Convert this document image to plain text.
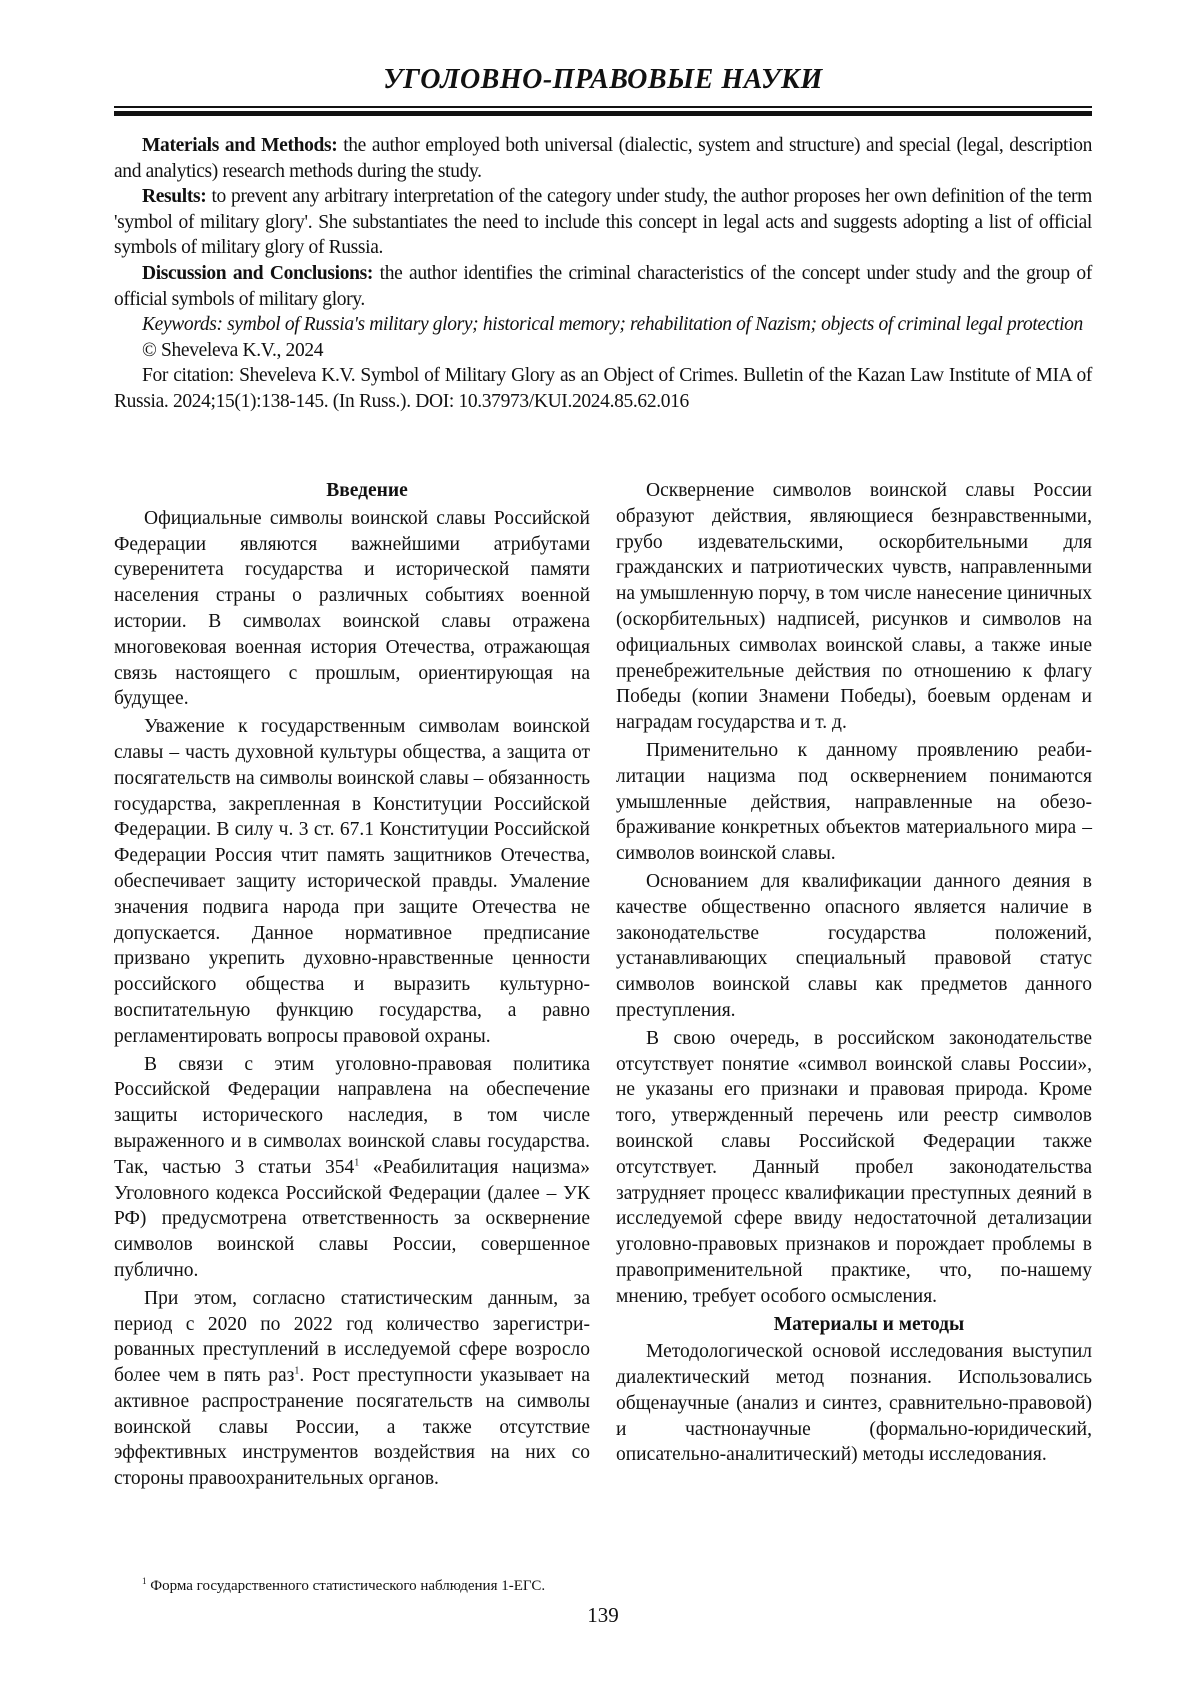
УГОЛОВНО-ПРАВОВЫЕ НАУКИ

Materials and Methods: the author employed both universal (dialectic, system and structure) and special (legal, description and analytics) research methods during the study.

Results: to prevent any arbitrary interpretation of the category under study, the author proposes her own definition of the term 'symbol of military glory'. She substantiates the need to include this concept in legal acts and suggests adopting a list of official symbols of military glory of Russia.

Discussion and Conclusions: the author identifies the criminal characteristics of the concept under study and the group of official symbols of military glory.

Keywords: symbol of Russia's military glory; historical memory; rehabilitation of Nazism; objects of criminal legal protection

© Sheveleva K.V., 2024

For citation: Sheveleva K.V. Symbol of Military Glory as an Object of Crimes. Bulletin of the Kazan Law Institute of MIA of Russia. 2024;15(1):138-145. (In Russ.). DOI: 10.37973/KUI.2024.85.62.016

Введение

Официальные символы воинской славы Российской Федерации являются важнейшими атрибутами суверенитета государства и исторической памяти населения страны о различных событиях военной истории. В символах воинской славы отражена многовековая военная история Отечества, отражающая связь настоящего с прошлым, ориентирующая на будущее.

Уважение к государственным символам воинской славы – часть духовной культуры общества, а защита от посягательств на символы воинской славы – обязанность государства, закрепленная в Конституции Российской Федерации. В силу ч. 3 ст. 67.1 Конституции Российской Федерации Россия чтит память защитников Отечества, обеспечивает защиту исторической правды. Умаление значения подвига народа при защите Отечества не допускается. Данное нормативное предписание призвано укрепить духовно-нравственные ценности российского общества и выразить культурно-воспитательную функцию государства, а равно регламентировать вопросы правовой охраны.

В связи с этим уголовно-правовая политика Российской Федерации направлена на обеспечение защиты исторического наследия, в том числе выраженного и в символах воинской славы государства. Так, частью 3 статьи $354^1$ «Реабилитация нацизма» Уголовного кодекса Российской Федерации (далее – УК РФ) предусмотрена ответственность за осквернение символов воинской славы России, совершенное публично.

При этом, согласно статистическим данным, за период с 2020 по 2022 год количество зарегистрированных преступлений в исследуемой сфере возросло более чем в пять раз$^1$. Рост преступности указывает на активное распространение посягательств на символы воинской славы России, а также отсутствие эффективных инструментов воздействия на них со стороны правоохранительных органов.

Осквернение символов воинской славы России образуют действия, являющиеся безнравственными, грубо издевательскими, оскорбительными для гражданских и патриотических чувств, направленными на умышленную порчу, в том числе нанесение циничных (оскорбительных) надписей, рисунков и символов на официальных символах воинской славы, а также иные пренебрежительные действия по отношению к флагу Победы (копии Знамени Победы), боевым орденам и наградам государства и т. д.

Применительно к данному проявлению реабилитации нацизма под осквернением понимаются умышленные действия, направленные на обезображивание конкретных объектов материального мира – символов воинской славы.

Основанием для квалификации данного деяния в качестве общественно опасного является наличие в законодательстве государства положений, устанавливающих специальный правовой статус символов воинской славы как предметов данного преступления.

В свою очередь, в российском законодательстве отсутствует понятие «символ воинской славы России», не указаны его признаки и правовая природа. Кроме того, утвержденный перечень или реестр символов воинской славы Российской Федерации также отсутствует. Данный пробел законодательства затрудняет процесс квалификации преступных деяний в исследуемой сфере ввиду недостаточной детализации уголовно-правовых признаков и порождает проблемы в правоприменительной практике, что, по-нашему мнению, требует особого осмысления.

Материалы и методы

Методологической основой исследования выступил диалектический метод познания. Использовались общенаучные (анализ и синтез, сравнительно-правовой) и частнонаучные (формально-юридический, описательно-аналитический) методы исследования.

$^1$ Форма государственного статистического наблюдения 1-ЕГС.
139
